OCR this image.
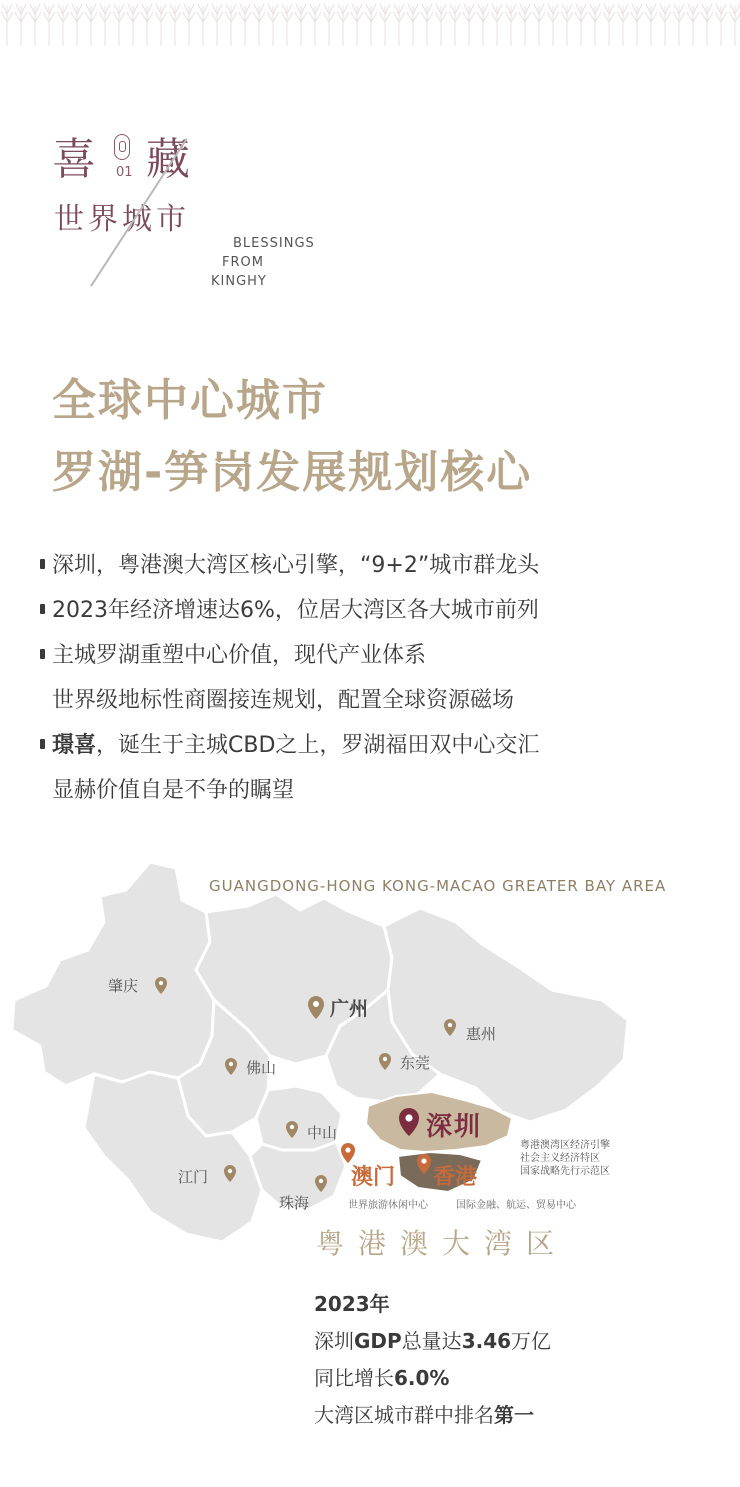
喜 01 藏
世界城市
BLESSINGS
FROM
KINGHY
全球中心城市
罗湖-笋岗发展规划核心
深圳，粤港澳大湾区核心引擎，“9+2”城市群龙头
2023年经济增速达6%，位居大湾区各大城市前列
主城罗湖重塑中心价值，现代产业体系
世界级地标性商圈接连规划，配置全球资源磁场
璟喜 ，诞生于主城CBD之上，罗湖福田双中心交汇
显赫价值自是不争的瞩望
GUANGDONG-HONG KONG-MACAO GREATER BAY AREA
肇庆
广州
惠州
佛山	东莞
中山	深圳
江门	澳门 香港
珠海
粤港澳湾区经济引擎
社会主义经济特区
国家战略先行示范区
世界旅游休闲中心	国际金融、航运、贸易中心
粤港澳大湾区
2023年
深圳GDP总量达3.46万亿
同比增长6.0%
大湾区城市群中排名第一
